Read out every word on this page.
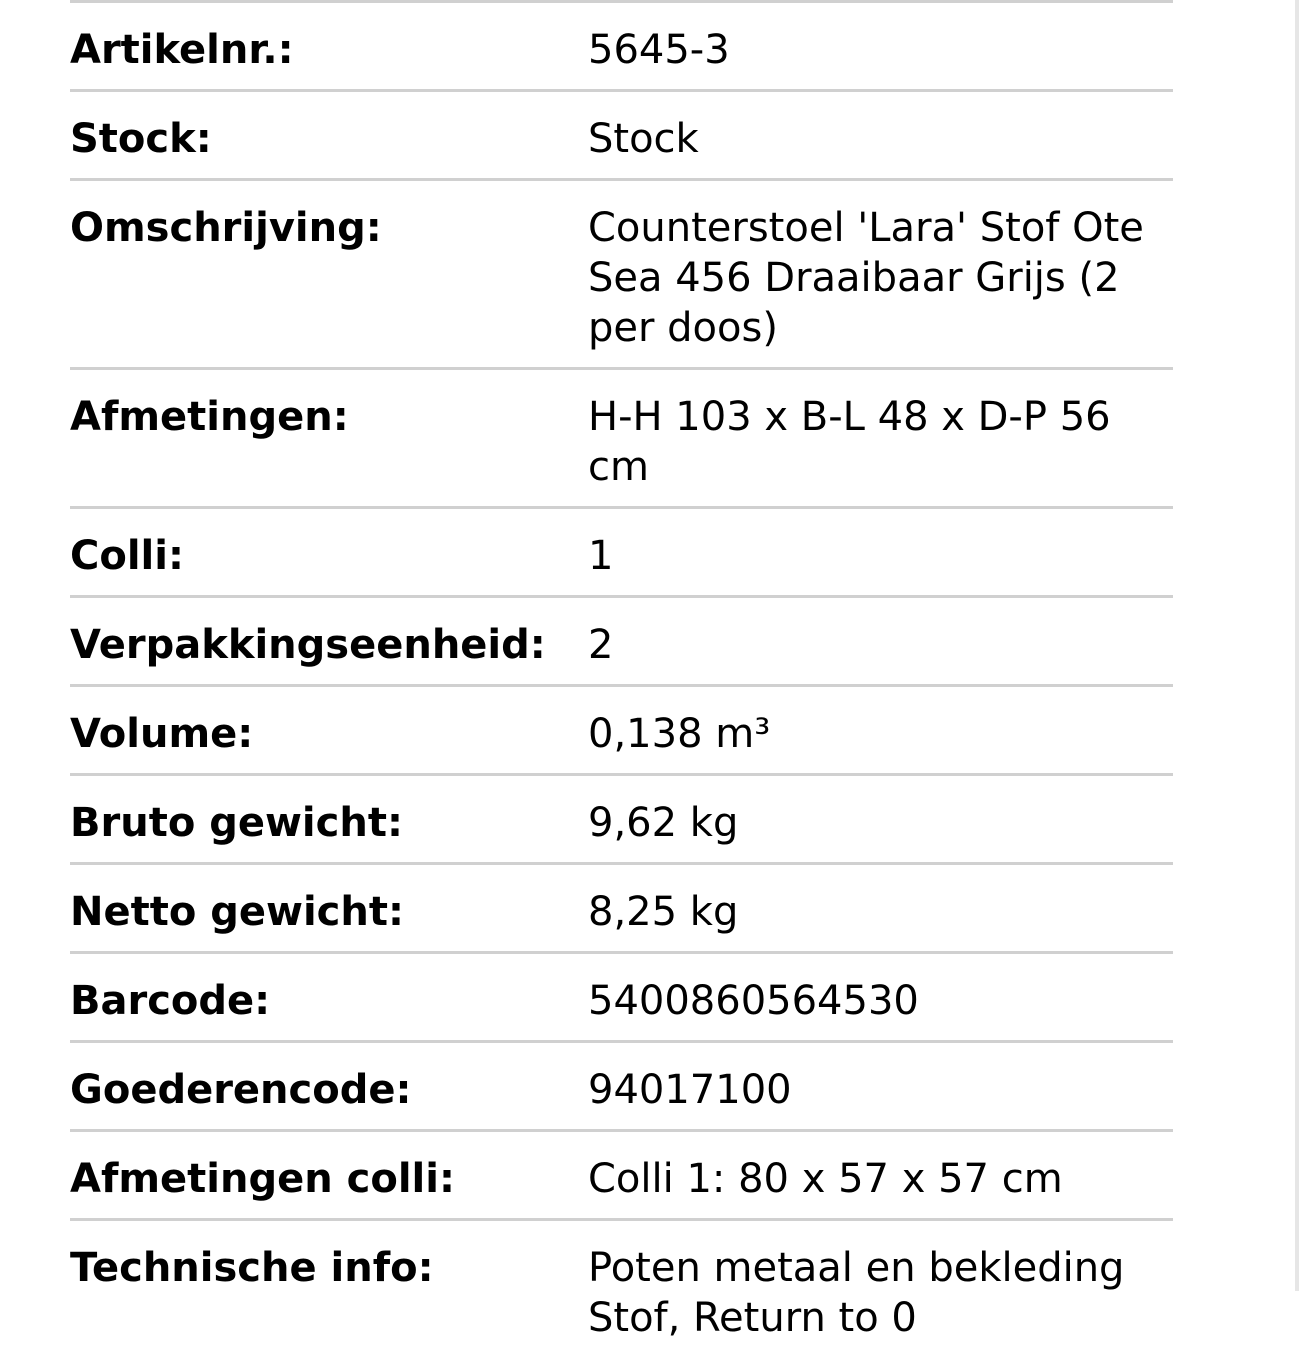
Artikelnr.:	5645-3
Stock:	Stock
Omschrijving:	Counterstoel 'Lara' Stof Ote Sea 456 Draaibaar Grijs (2 per doos)
Afmetingen:	H-H 103 x B-L 48 x D-P 56 cm
Colli:	1
Verpakkingseenheid:	2
Volume:	0,138 m³
Bruto gewicht:	9,62 kg
Netto gewicht:	8,25 kg
Barcode:	5400860564530
Goederencode:	94017100
Afmetingen colli:	Colli 1: 80 x 57 x 57 cm
Technische info:	Poten metaal en bekleding Stof, Return to 0
